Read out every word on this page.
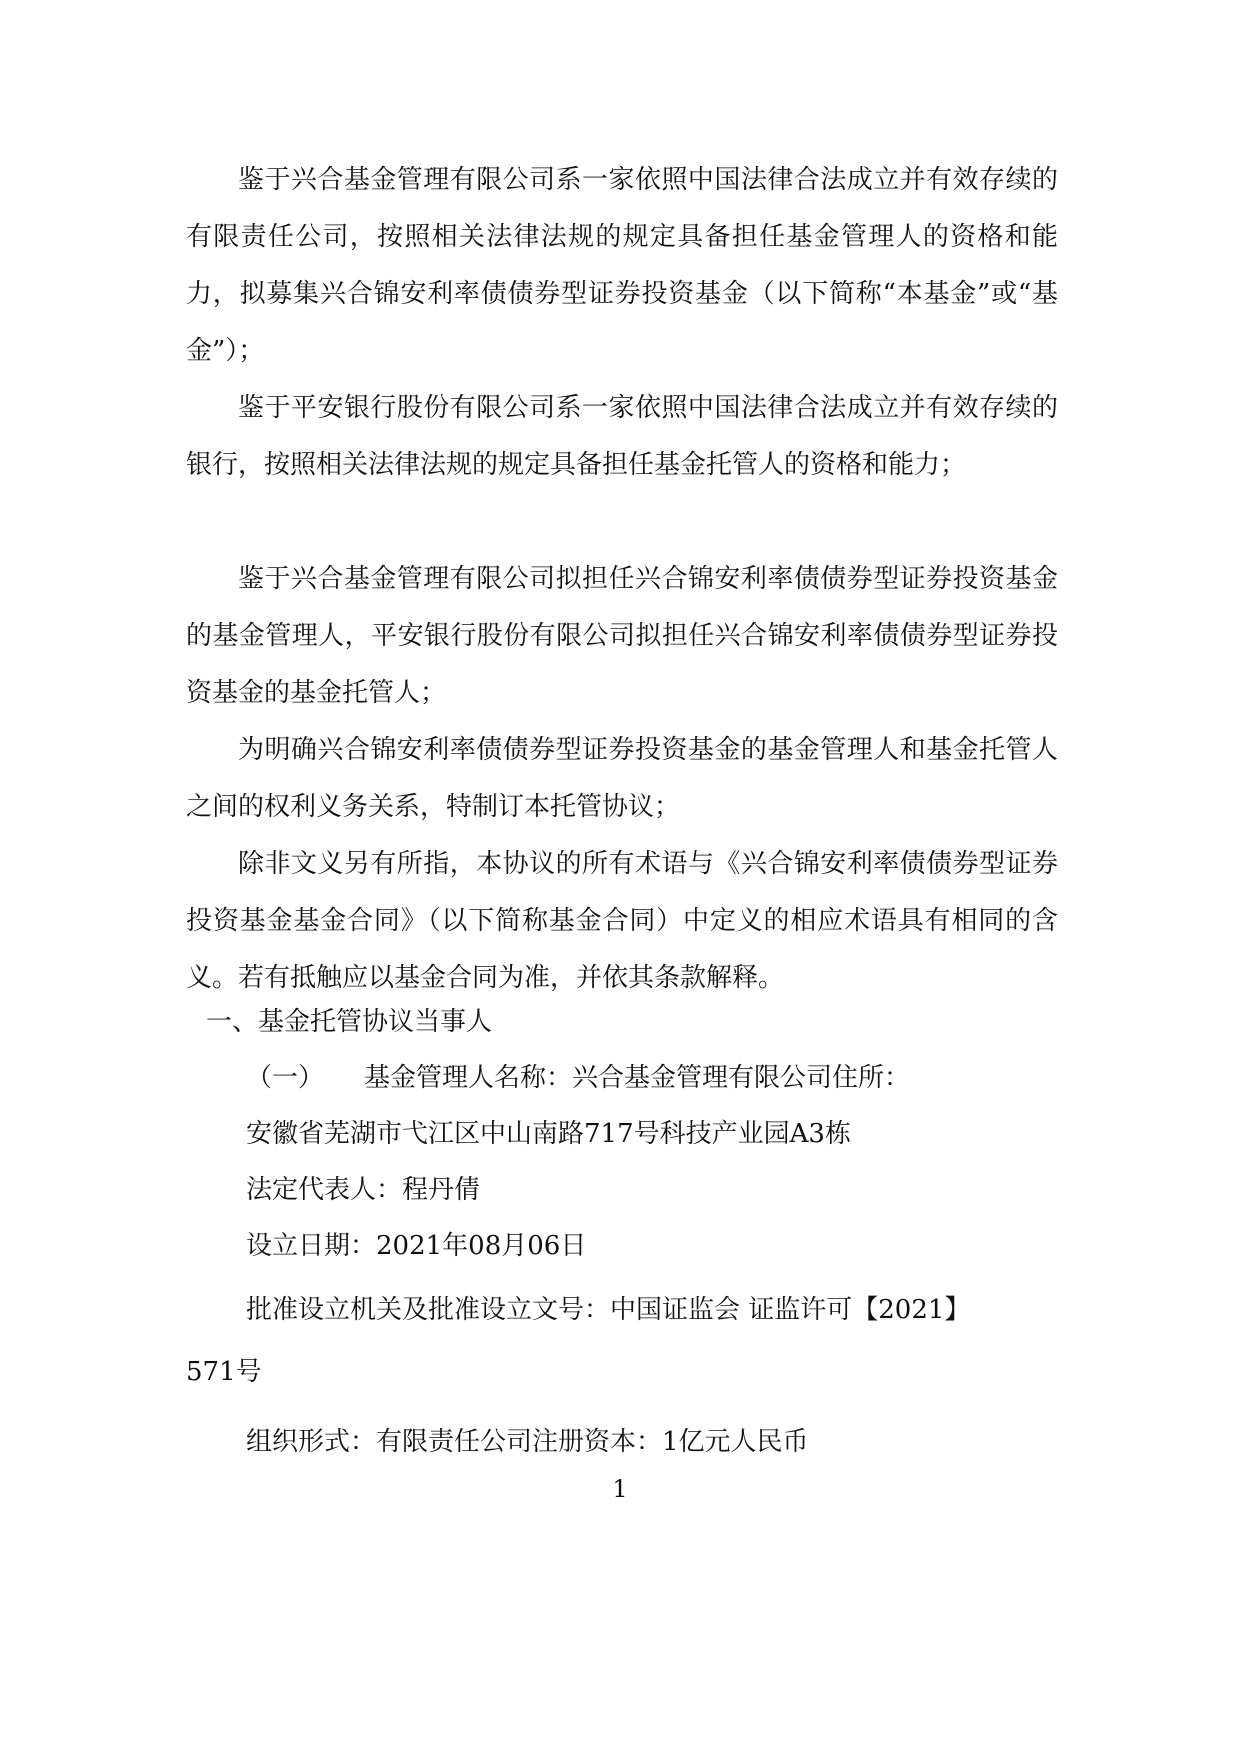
鉴于兴合基金管理有限公司系一家依照中国法律合法成立并有效存续的有限责任公司，按照相关法律法规的规定具备担任基金管理人的资格和能力，拟募集兴合锦安利率债债券型证券投资基金（以下简称“本基金”或“基金”）；

鉴于平安银行股份有限公司系一家依照中国法律合法成立并有效存续的银行，按照相关法律法规的规定具备担任基金托管人的资格和能力；

鉴于兴合基金管理有限公司拟担任兴合锦安利率债债券型证券投资基金的基金管理人，平安银行股份有限公司拟担任兴合锦安利率债债券型证券投资基金的基金托管人；

为明确兴合锦安利率债债券型证券投资基金的基金管理人和基金托管人之间的权利义务关系，特制订本托管协议；

除非文义另有所指，本协议的所有术语与《兴合锦安利率债债券型证券投资基金基金合同》（以下简称基金合同）中定义的相应术语具有相同的含义。若有抵触应以基金合同为准，并依其条款解释。

一、基金托管协议当事人
（一） 基金管理人名称：兴合基金管理有限公司住所：
安徽省芜湖市弋江区中山南路717号科技产业园A3栋
法定代表人：程丹倩
设立日期：2021年08月06日
批准设立机关及批准设立文号：中国证监会 证监许可【2021】
571号
组织形式：有限责任公司注册资本：1亿元人民币
1
